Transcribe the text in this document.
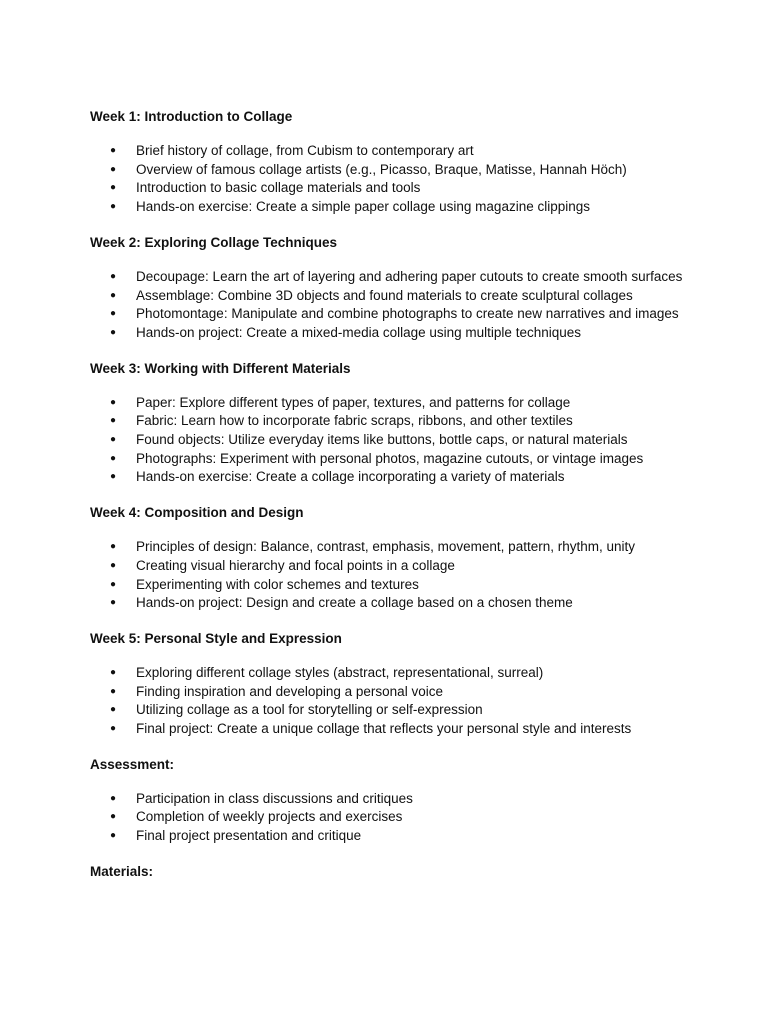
Week 1: Introduction to Collage

● Brief history of collage, from Cubism to contemporary art
● Overview of famous collage artists (e.g., Picasso, Braque, Matisse, Hannah Höch)
● Introduction to basic collage materials and tools
● Hands-on exercise: Create a simple paper collage using magazine clippings

Week 2: Exploring Collage Techniques

● Decoupage: Learn the art of layering and adhering paper cutouts to create smooth surfaces
● Assemblage: Combine 3D objects and found materials to create sculptural collages
● Photomontage: Manipulate and combine photographs to create new narratives and images
● Hands-on project: Create a mixed-media collage using multiple techniques

Week 3: Working with Different Materials

● Paper: Explore different types of paper, textures, and patterns for collage
● Fabric: Learn how to incorporate fabric scraps, ribbons, and other textiles
● Found objects: Utilize everyday items like buttons, bottle caps, or natural materials
● Photographs: Experiment with personal photos, magazine cutouts, or vintage images
● Hands-on exercise: Create a collage incorporating a variety of materials

Week 4: Composition and Design

● Principles of design: Balance, contrast, emphasis, movement, pattern, rhythm, unity
● Creating visual hierarchy and focal points in a collage
● Experimenting with color schemes and textures
● Hands-on project: Design and create a collage based on a chosen theme

Week 5: Personal Style and Expression

● Exploring different collage styles (abstract, representational, surreal)
● Finding inspiration and developing a personal voice
● Utilizing collage as a tool for storytelling or self-expression
● Final project: Create a unique collage that reflects your personal style and interests

Assessment:

● Participation in class discussions and critiques
● Completion of weekly projects and exercises
● Final project presentation and critique

Materials:
